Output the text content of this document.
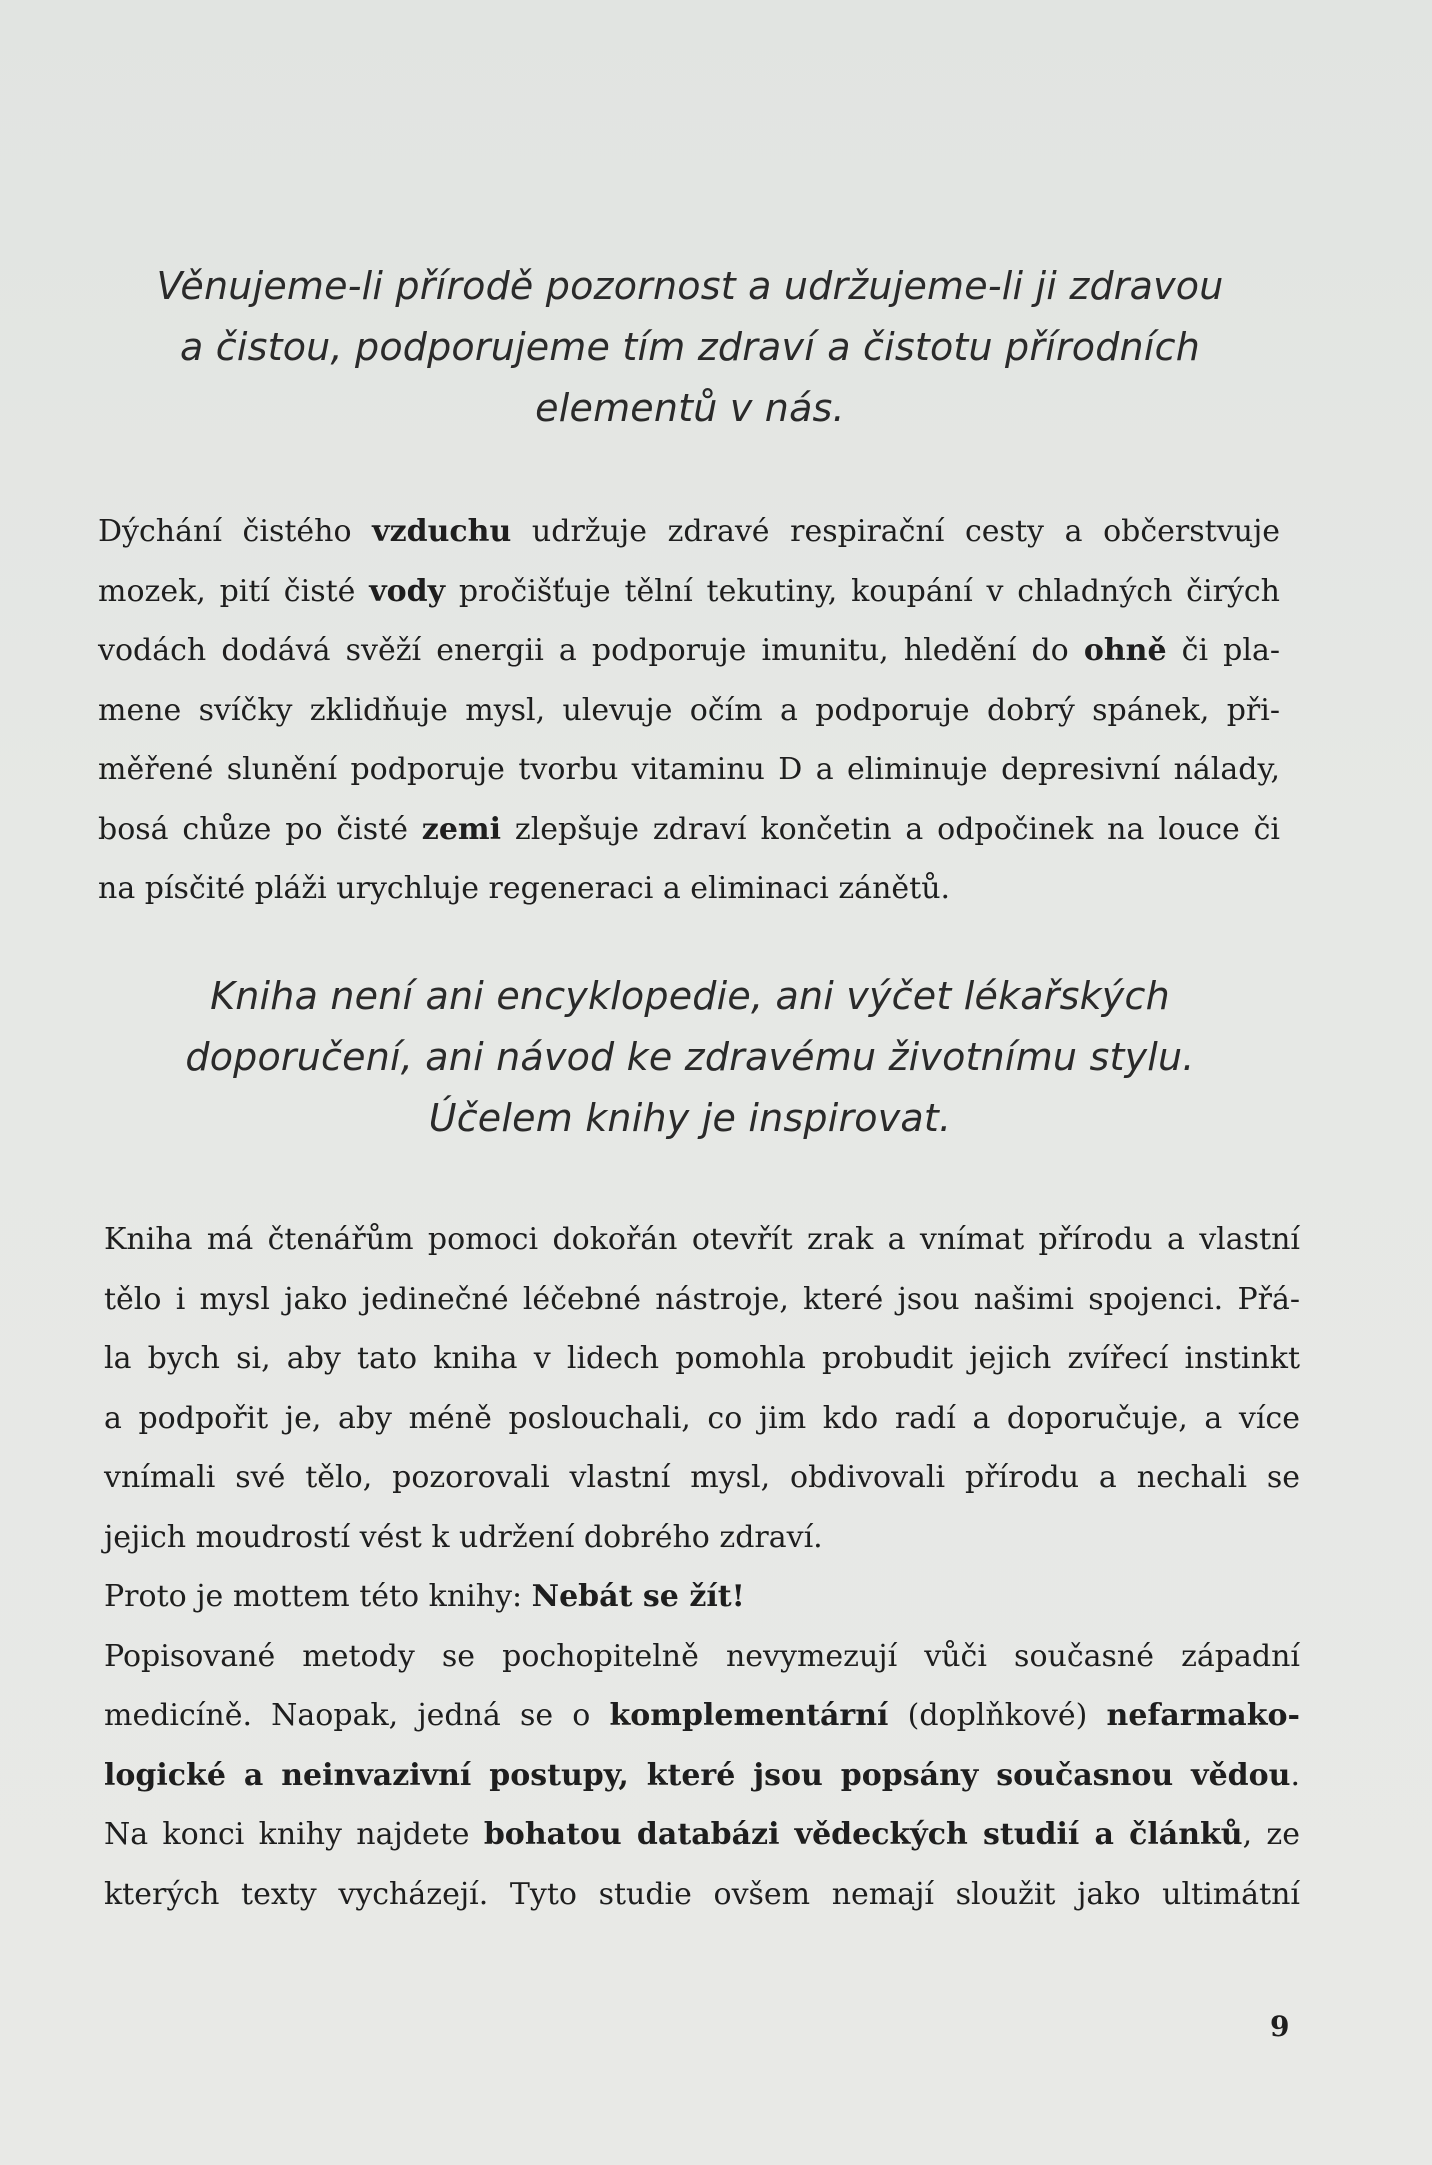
Věnujeme-li přírodě pozornost a udržujeme-li ji zdravou
a čistou, podporujeme tím zdraví a čistotu přírodních
elementů v nás.
Dýchání čistého vzduchu udržuje zdravé respirační cesty a občerstvuje
mozek, pití čisté vody pročišťuje tělní tekutiny, koupání v chladných čirých
vodách dodává svěží energii a podporuje imunitu, hledění do ohně či pla-
mene svíčky zklidňuje mysl, ulevuje očím a podporuje dobrý spánek, při-
měřené slunění podporuje tvorbu vitaminu D a eliminuje depresivní nálady,
bosá chůze po čisté zemi zlepšuje zdraví končetin a odpočinek na louce či
na písčité pláži urychluje regeneraci a eliminaci zánětů.
Kniha není ani encyklopedie, ani výčet lékařských
doporučení, ani návod ke zdravému životnímu stylu.
Účelem knihy je inspirovat.
Kniha má čtenářům pomoci dokořán otevřít zrak a vnímat přírodu a vlastní
tělo i mysl jako jedinečné léčebné nástroje, které jsou našimi spojenci. Přá-
la bych si, aby tato kniha v lidech pomohla probudit jejich zvířecí instinkt
a podpořit je, aby méně poslouchali, co jim kdo radí a doporučuje, a více
vnímali své tělo, pozorovali vlastní mysl, obdivovali přírodu a nechali se
jejich moudrostí vést k udržení dobrého zdraví.
Proto je mottem této knihy: Nebát se žít!
Popisované metody se pochopitelně nevymezují vůči současné západní
medicíně. Naopak, jedná se o komplementární (doplňkové) nefarmako-
logické a neinvazivní postupy, které jsou popsány současnou vědou.
Na konci knihy najdete bohatou databázi vědeckých studií a článků, ze
kterých texty vycházejí. Tyto studie ovšem nemají sloužit jako ultimátní
9
